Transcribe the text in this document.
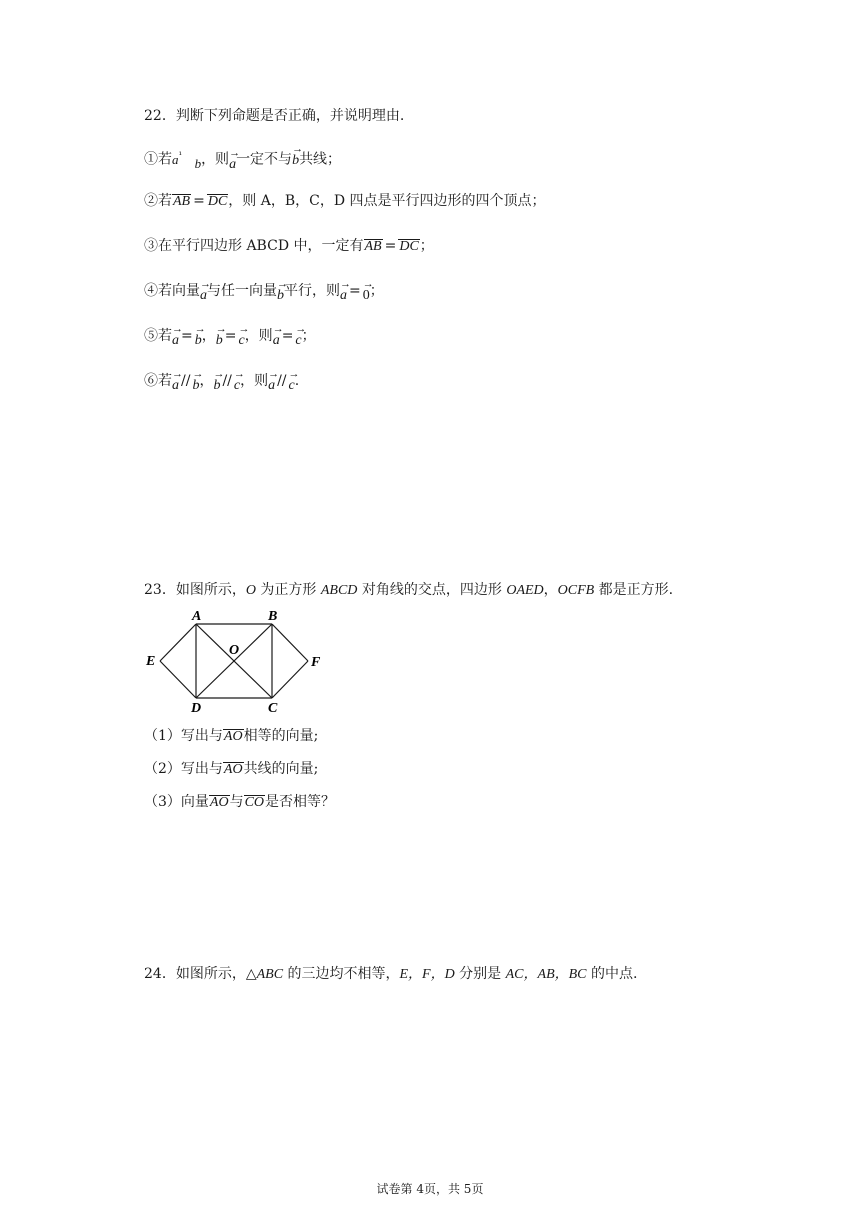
22．判断下列命题是否正确，并说明理由.
①若$a^{^1}$ b，则→ a一定不与→ b共线；
②若AB = DC，则 A，B，C，D 四点是平行四边形的四个顶点；
③在平行四边形 ABCD 中，一定有AB = DC；
④若向量→ a与任一向量→ b平行，则→ a = → 0；
⑤若→ a = → b，→ b = → c，则→ a = → c；
⑥若→ a // → b，→ b // → c，则→ a // → c.
23．如图所示，O 为正方形 ABCD 对角线的交点，四边形 OAED，OCFB 都是正方形.
A	B
O
E	F
D	C
（1）写出与AO相等的向量;
（2）写出与AO共线的向量;
（3）向量AO与CO是否相等？
24．如图所示，△ABC 的三边均不相等，E，F，D 分别是 AC，AB，BC 的中点.
试卷第 4页，共 5页
